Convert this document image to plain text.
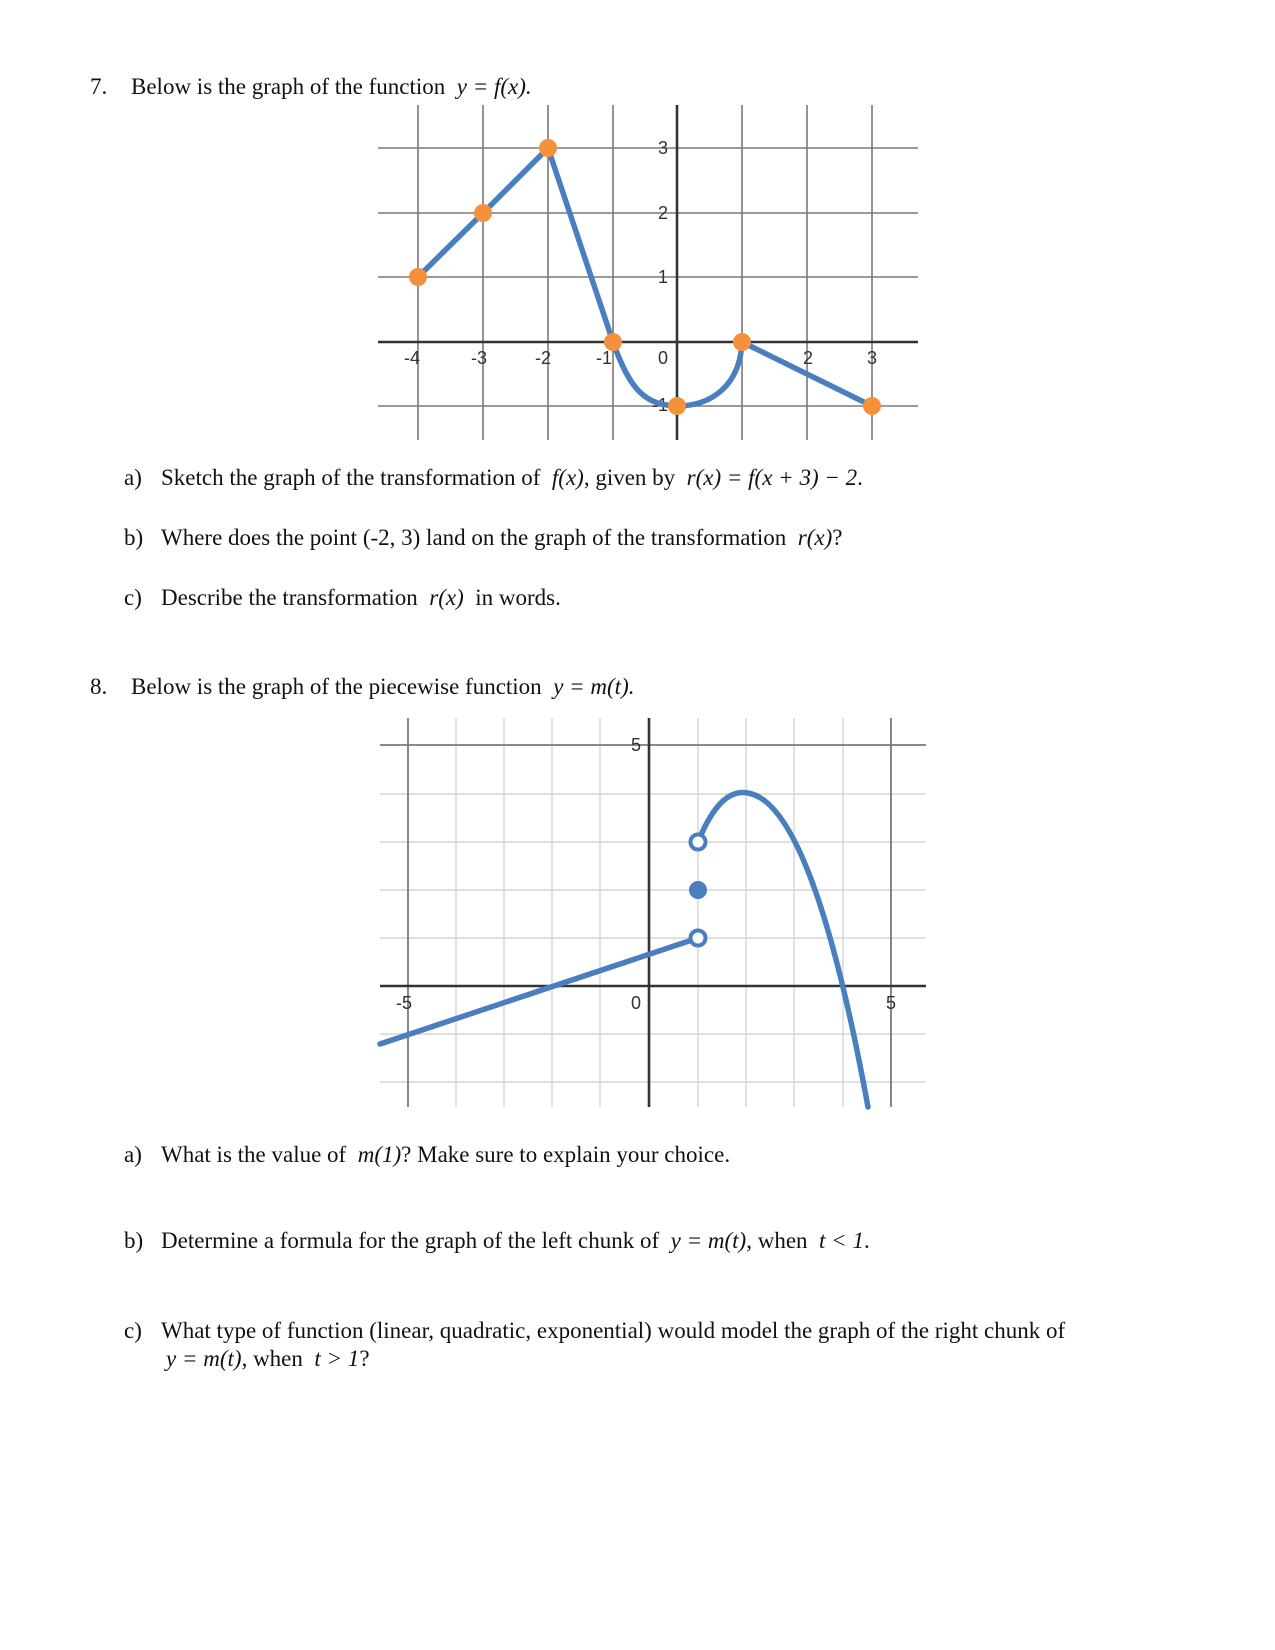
7. Below is the graph of the function y = f(x).
-4	-3	-2 -1	0	2	3
3
2
1
-1
a) Sketch the graph of the transformation of f(x), given by r(x) = f(x + 3) − 2.
b) Where does the point (-2, 3) land on the graph of the transformation r(x)?
c) Describe the transformation r(x) in words.
8. Below is the graph of the piecewise function y = m(t).
-5	0	5
5
a) What is the value of m(1)? Make sure to explain your choice.
b) Determine a formula for the graph of the left chunk of y = m(t), when t < 1.
c) What type of function (linear, quadratic, exponential) would model the graph of the right chunk of
y = m(t), when t > 1?
